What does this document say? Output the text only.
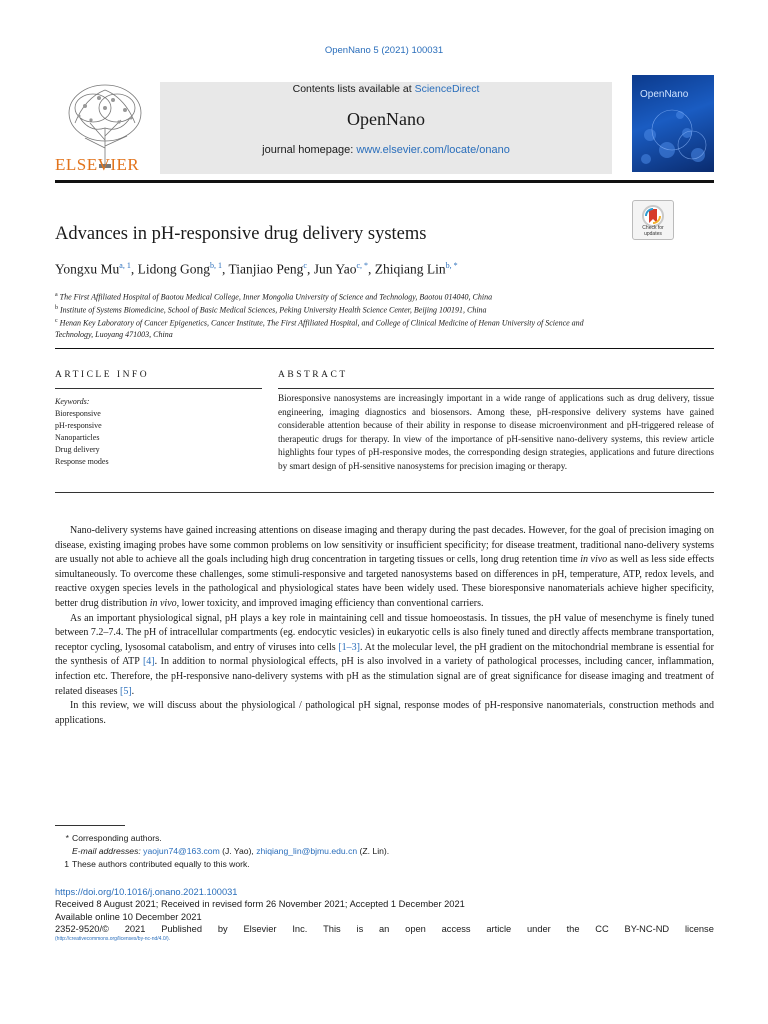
OpenNano 5 (2021) 100031
ELSEVIER
Contents lists available at ScienceDirect
OpenNano
journal homepage: www.elsevier.com/locate/onano
OpenNano
Check for updates
Advances in pH-responsive drug delivery systems
Yongxu Mu$^{a, 1}$, Lidong Gong$^{b, 1}$, Tianjiao Peng$^c$, Jun Yao$^{c, *}$, Zhiqiang Lin$^{b, *}$
$^a$ The First Affiliated Hospital of Baotou Medical College, Inner Mongolia University of Science and Technology, Baotou 014040, China
$^b$ Institute of Systems Biomedicine, School of Basic Medical Sciences, Peking University Health Science Center, Beijing 100191, China
$^c$ Henan Key Laboratory of Cancer Epigenetics, Cancer Institute, The First Affiliated Hospital, and College of Clinical Medicine of Henan University of Science and Technology, Luoyang 471003, China
ARTICLE INFO	ABSTRACT
Keywords:
Bioresponsive
pH-responsive
Nanoparticles
Drug delivery
Response modes
Bioresponsive nanosystems are increasingly important in a wide range of applications such as drug delivery, tissue engineering, imaging diagnostics and biosensors. Among these, pH-responsive delivery systems have gained considerable attention because of their ability in response to disease microenvironment and pH-triggered release of therapeutic drugs for therapy. In view of the importance of pH-sensitive nano-delivery systems, this review article highlights four types of pH-responsive modes, the corresponding design strategies, applications and future directions by smart design of pH-sensitive nanosystems for precision imaging or therapy.

Nano-delivery systems have gained increasing attentions on disease imaging and therapy during the past decades. However, for the goal of precision imaging on disease, existing imaging probes have some common problems on low sensitivity or insufficient specificity; for disease treatment, traditional nano-delivery systems are usually not able to achieve all the goals including high drug concentration in targeting tissues or cells, long drug retention time in vivo as well as less side effects simultaneously. To overcome these challenges, some stimuli-responsive and targeted nanosystems based on differences in pH, temperature, ATP, redox levels, and reactive oxygen species levels in the pathological and physiological states have been widely used. These bioresponsive nanomaterials achieve higher specificity, better drug distribution in vivo, lower toxicity, and improved imaging efficiency than conventional carriers.

As an important physiological signal, pH plays a key role in maintaining cell and tissue homoeostasis. In tissues, the pH value of mesenchyme is finely tuned between 7.2–7.4. The pH of intracellular compartments (eg. endocytic vesicles) in eukaryotic cells is also finely tuned and directly affects membrane transportation, receptor cycling, lysosomal catabolism, and entry of viruses into cells [1–3]. At the molecular level, the pH gradient on the mitochondrial membrane is essential for the synthesis of ATP [4]. In addition to normal physiological effects, pH is also involved in a variety of pathological processes, including cancer, inflammation, infection etc. Therefore, the pH-responsive nano-delivery systems with pH as the stimulation signal are of great significance for disease imaging and treatment of related diseases [5].

In this review, we will discuss about the physiological / pathological pH signal, response modes of pH-responsive nanomaterials, construction methods and applications.

* Corresponding authors.
E-mail addresses: yaojun74@163.com (J. Yao), zhiqiang_lin@bjmu.edu.cn (Z. Lin).
1 These authors contributed equally to this work.
https://doi.org/10.1016/j.onano.2021.100031
Received 8 August 2021; Received in revised form 26 November 2021; Accepted 1 December 2021
Available online 10 December 2021
2352-9520/© 2021 Published by Elsevier Inc. This is an open access article under the CC BY-NC-ND license
(http://creativecommons.org/licenses/by-nc-nd/4.0/).
